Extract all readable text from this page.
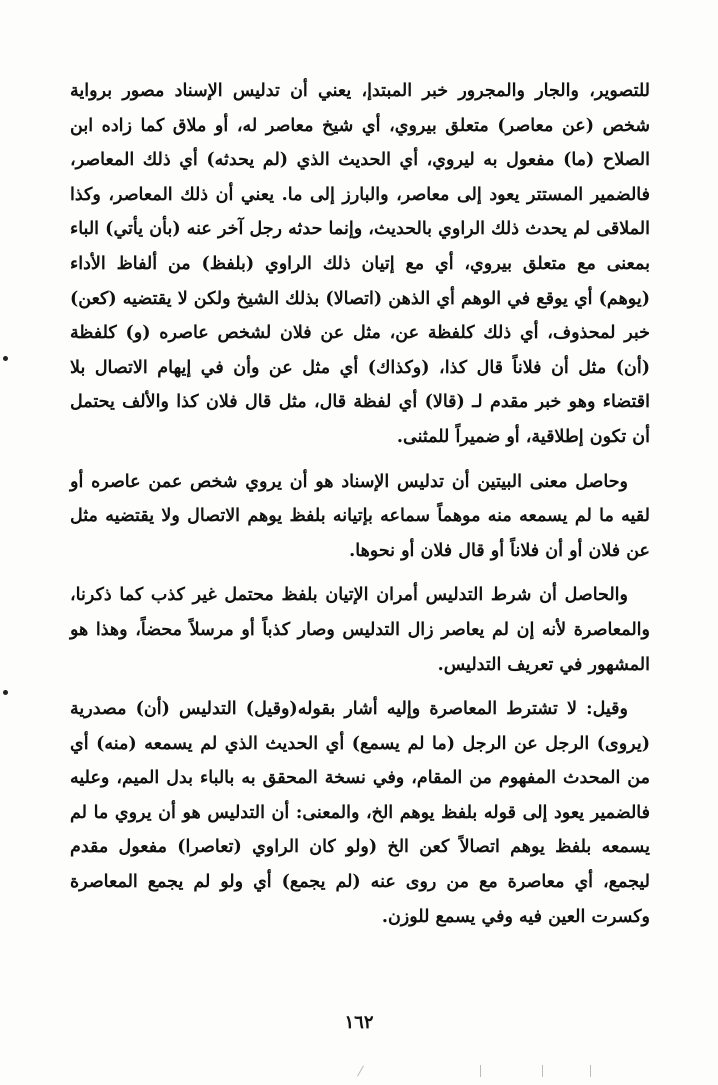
للتصوير، والجار والمجرور خبر المبتدإ، يعني أن تدليس الإسناد مصور برواية شخص (عن معاصر) متعلق بيروي، أي شيخ معاصر له، أو ملاق كما زاده ابن الصلاح (ما) مفعول به ليروي، أي الحديث الذي (لم يحدثه) أي ذلك المعاصر، فالضمير المستتر يعود إلى معاصر، والبارز إلى ما. يعني أن ذلك المعاصر، وكذا الملاقى لم يحدث ذلك الراوي بالحديث، وإنما حدثه رجل آخر عنه (بأن يأتي) الباء بمعنى مع متعلق بيروي، أي مع إتيان ذلك الراوي (بلفظ) من ألفاظ الأداء (يوهم) أي يوقع في الوهم أي الذهن (اتصالا) بذلك الشيخ ولكن لا يقتضيه (كعن) خبر لمحذوف، أي ذلك كلفظة عن، مثل عن فلان لشخص عاصره (و) كلفظة (أن) مثل أن فلاناً قال كذا، (وكذاك) أي مثل عن وأن في إيهام الاتصال بلا اقتضاء وهو خبر مقدم لـ (قالا) أي لفظة قال، مثل قال فلان كذا والألف يحتمل أن تكون إطلاقية، أو ضميراً للمثنى.

وحاصل معنى البيتين أن تدليس الإسناد هو أن يروي شخص عمن عاصره أو لقيه ما لم يسمعه منه موهماً سماعه بإتيانه بلفظ يوهم الاتصال ولا يقتضيه مثل عن فلان أو أن فلاناً أو قال فلان أو نحوها.

والحاصل أن شرط التدليس أمران الإتيان بلفظ محتمل غير كذب كما ذكرنا، والمعاصرة لأنه إن لم يعاصر زال التدليس وصار كذباً أو مرسلاً محضاً، وهذا هو المشهور في تعريف التدليس.

وقيل: لا تشترط المعاصرة وإليه أشار بقوله(وقيل) التدليس (أن) مصدرية (يروى) الرجل عن الرجل (ما لم يسمع) أي الحديث الذي لم يسمعه (منه) أي من المحدث المفهوم من المقام، وفي نسخة المحقق به بالباء بدل الميم، وعليه فالضمير يعود إلى قوله بلفظ يوهم الخ، والمعنى: أن التدليس هو أن يروي ما لم يسمعه بلفظ يوهم اتصالاً كعن الخ (ولو كان الراوي (تعاصرا) مفعول مقدم ليجمع، أي معاصرة مع من روى عنه (لم يجمع) أي ولو لم يجمع المعاصرة وكسرت العين فيه وفي يسمع للوزن.

١٦٢
